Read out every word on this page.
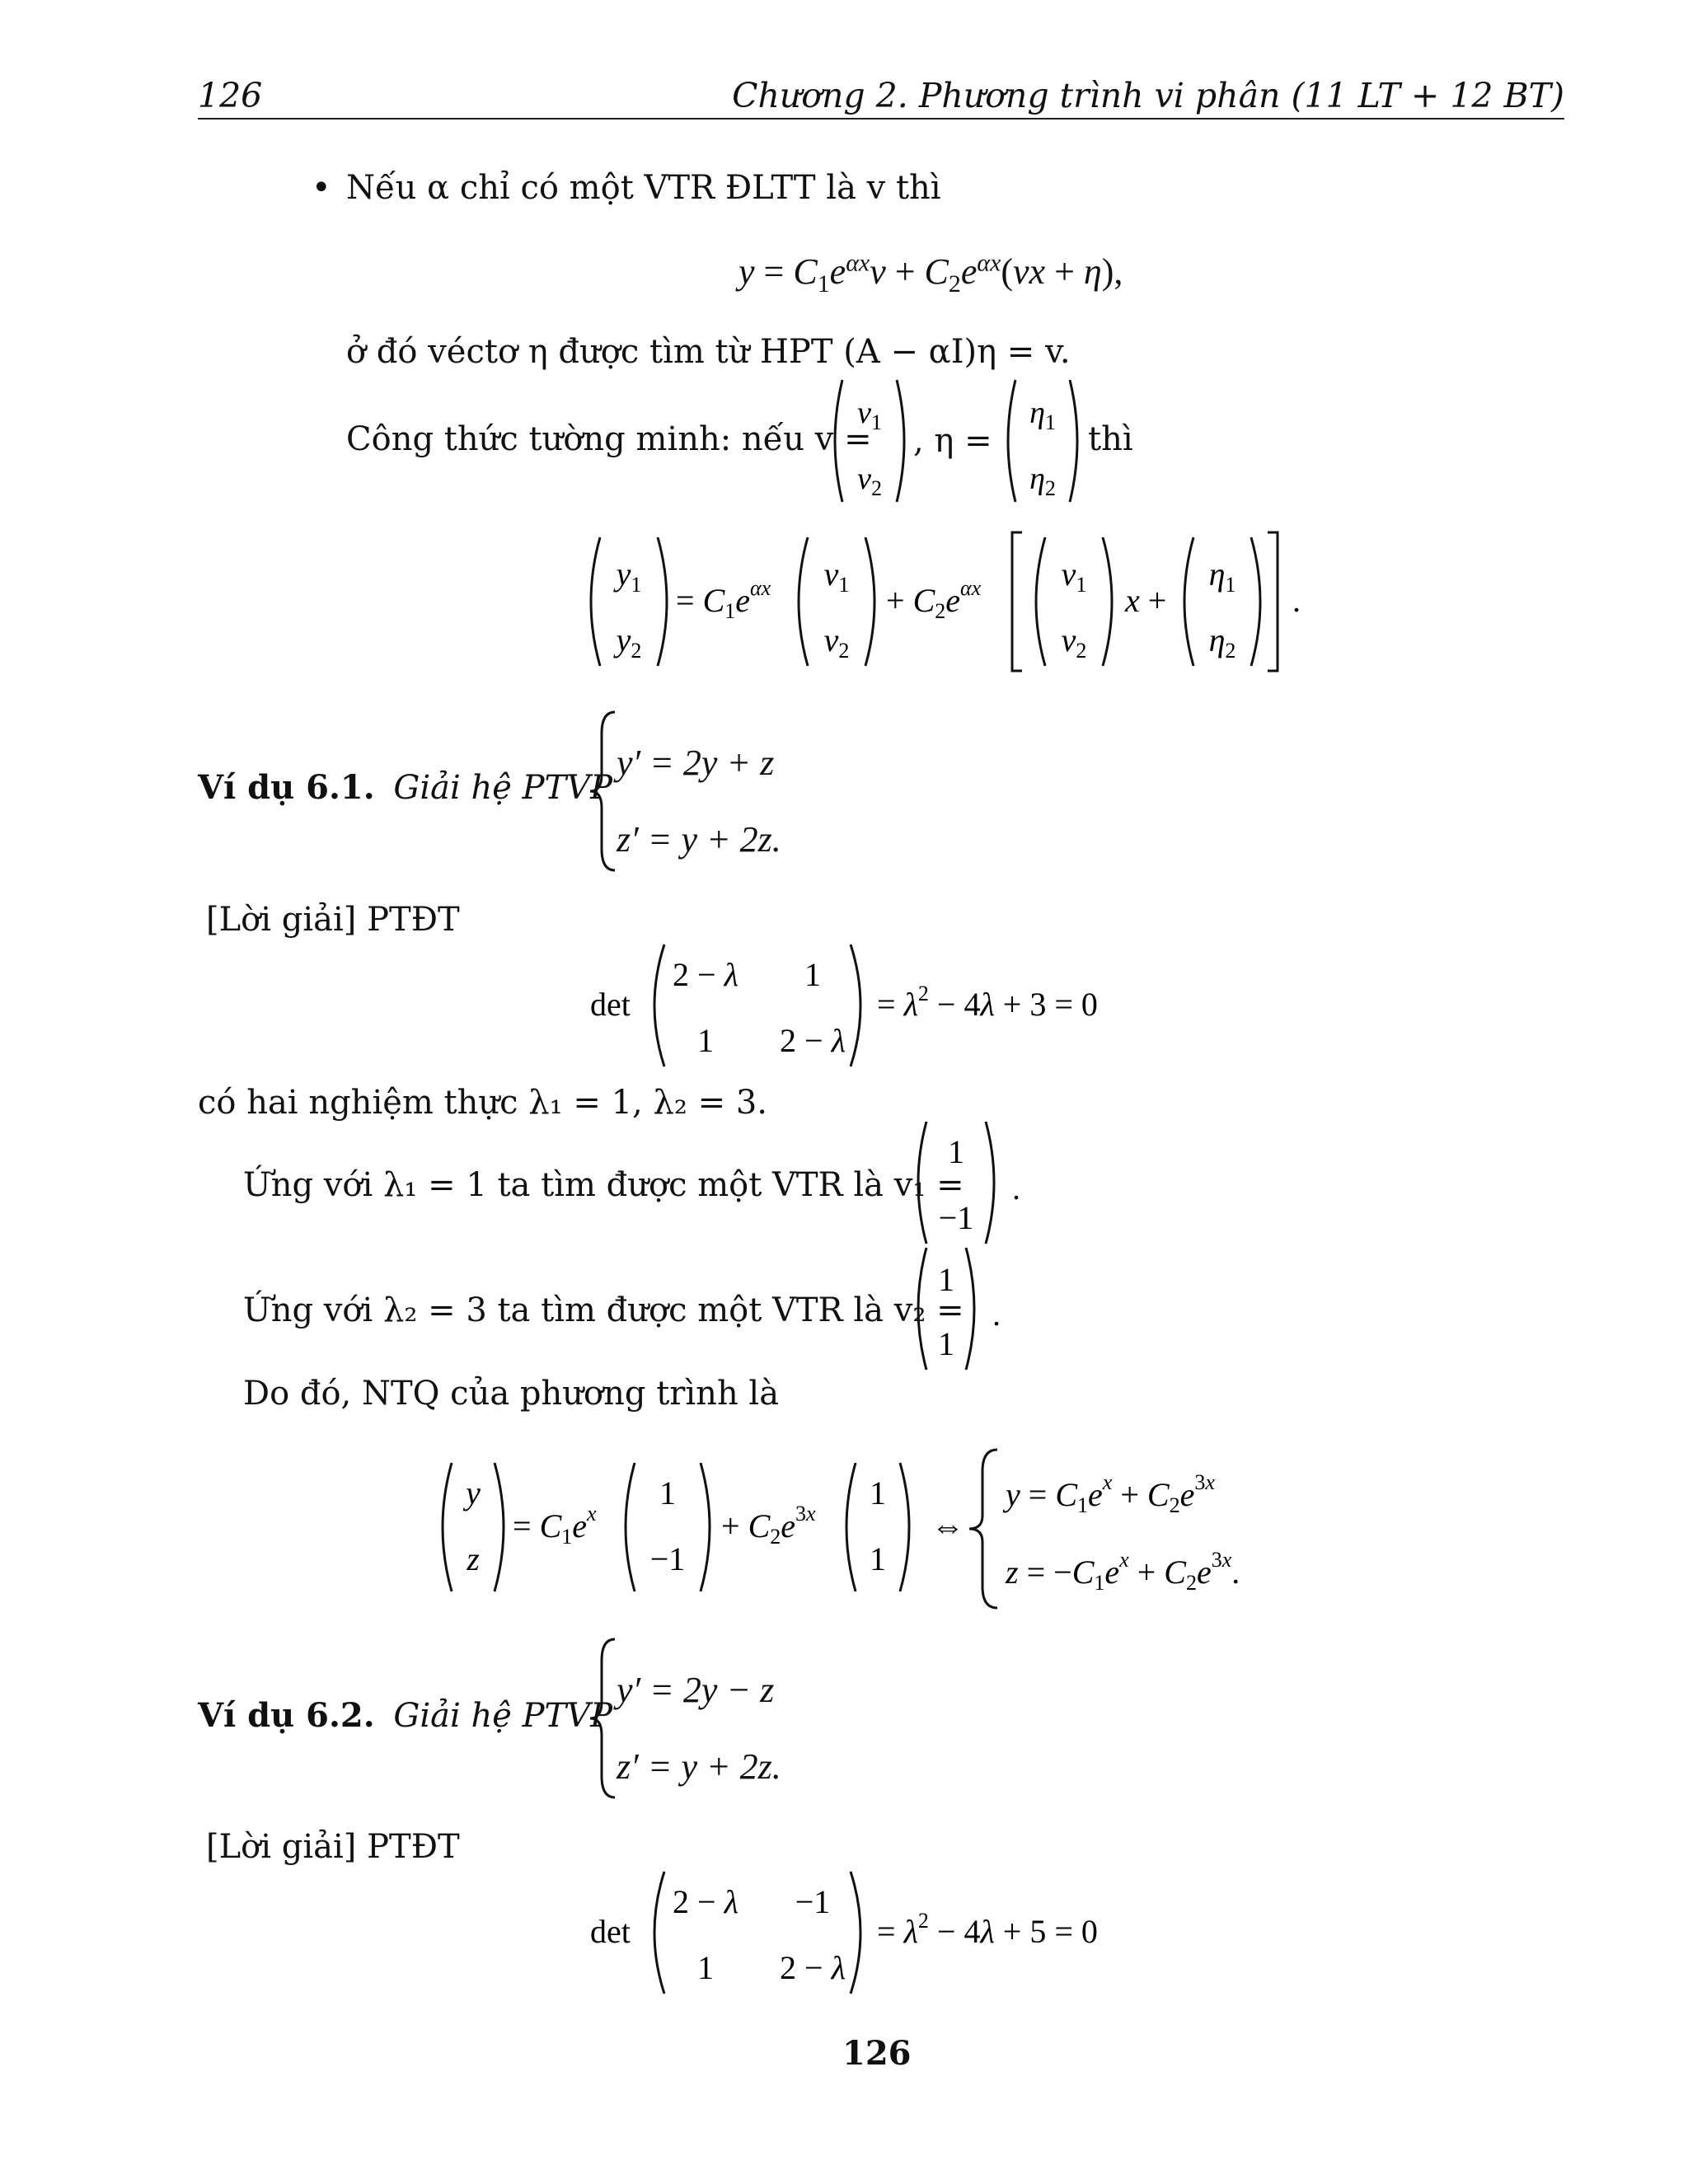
126	Chương 2. Phương trình vi phân (11 LT + 12 BT)
• Nếu α chỉ có một VTR ĐLTT là v thì
$y = C_1e^{\alpha x}v + C_2e^{\alpha x}(vx + \eta)$,
ở đó véctơ η được tìm từ HPT (A − αI)η = v.
Công thức tường minh: nếu v =
$v_1$
$v_2$
, η =
$\eta_1$
$\eta_2$
thì
$y_1$
$y_2$
= $C_1e^{\alpha x}$ $v_1$
$v_2$
+ $C_2e^{\alpha x}$ $v_1$
$v_2$
x +
$\eta_1$
$\eta_2$
.
Ví dụ 6.1. Giải hệ PTVP
y′ = 2y + z
z′ = y + 2z.
[Lời giải] PTĐT
det
2 − λ 1
1 2 − λ
= $\lambda^2 - 4\lambda + 3 = 0$
có hai nghiệm thực λ₁ = 1, λ₂ = 3.
Ứng với λ₁ = 1 ta tìm được một VTR là v₁ =
1
−1
.
Ứng với λ₂ = 3 ta tìm được một VTR là v₂ =
1
1
.
Do đó, NTQ của phương trình là
y
z
= $C_1e^x$
1
−1
+ $C_2e^3x$
1
1
⇔
$y = C_1e^x + C_2e^3x$
$z = -C_1e^x + C_2e^3x$.
Ví dụ 6.2. Giải hệ PTVP
y′ = 2y − z
z′ = y + 2z.
[Lời giải] PTĐT
det
2 − λ −1
1 2 − λ
= $\lambda^2 - 4\lambda + 5 = 0$
126
